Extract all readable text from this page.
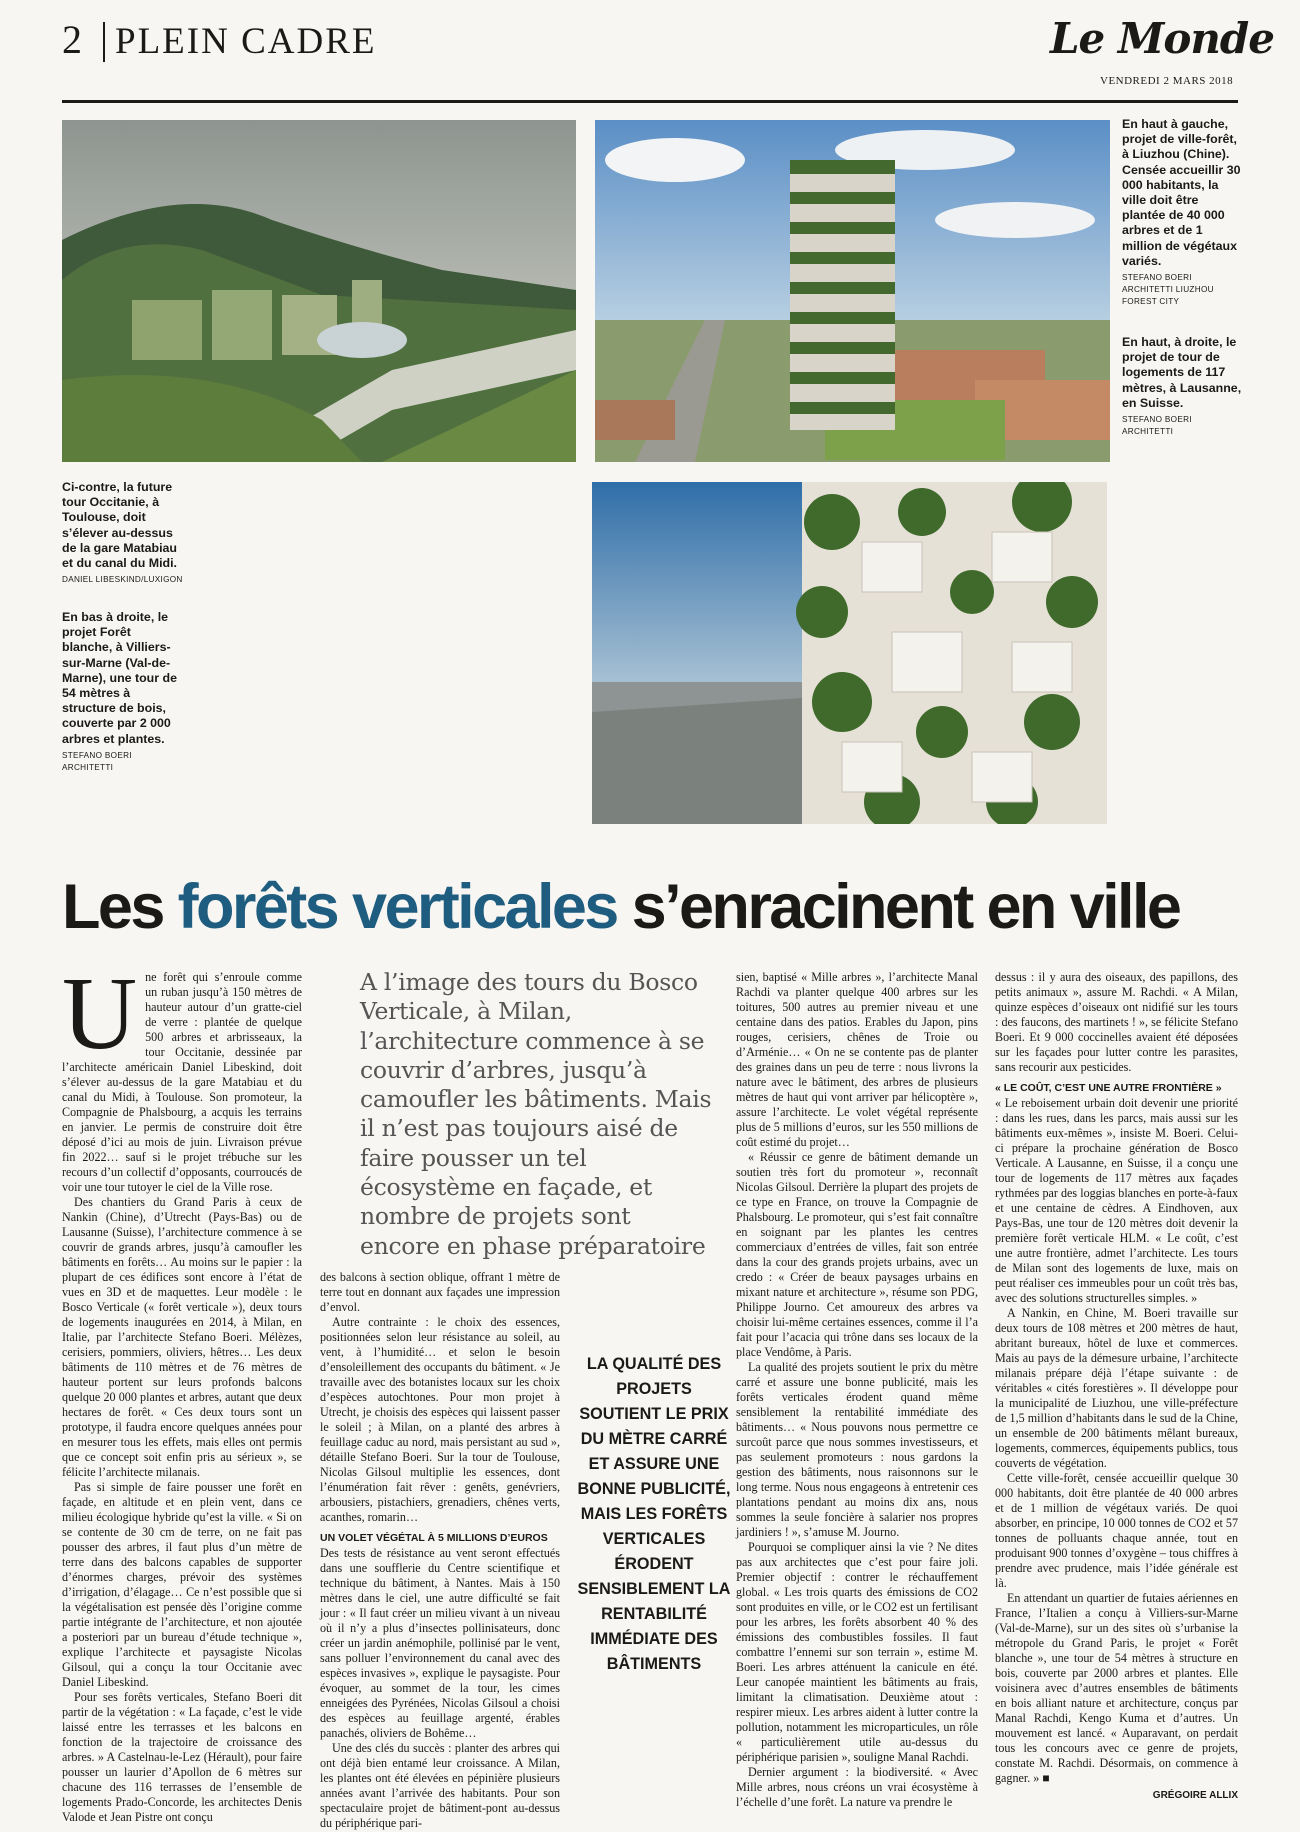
2 PLEIN CADRE	Le Monde
VENDREDI 2 MARS 2018
En haut à gauche, projet de ville-forêt, à Liuzhou (Chine). Censée accueillir 30 000 habitants, la ville doit être plantée de 40 000 arbres et de 1 million de végétaux variés.
STEFANO BOERI ARCHITETTI LIUZHOU FOREST CITY
En haut, à droite, le projet de tour de logements de 117 mètres, à Lausanne, en Suisse.
STEFANO BOERI ARCHITETTI
Ci-contre, la future tour Occitanie, à Toulouse, doit s’élever au-dessus de la gare Matabiau et du canal du Midi.
DANIEL LIBESKIND/LUXIGON
En bas à droite, le projet Forêt blanche, à Villiers-sur-Marne (Val-de-Marne), une tour de 54 mètres à structure de bois, couverte par 2 000 arbres et plantes.
STEFANO BOERI ARCHITETTI
Les forêts verticales s’enracinent en ville
A l’image des tours du Bosco Verticale, à Milan, l’architecture commence à se couvrir d’arbres, jusqu’à camoufler les bâtiments. Mais il n’est pas toujours aisé de faire pousser un tel écosystème en façade, et nombre de projets sont encore en phase préparatoire
LA QUALITÉ DES PROJETS SOUTIENT LE PRIX DU MÈTRE CARRÉ ET ASSURE UNE BONNE PUBLICITÉ, MAIS LES FORÊTS VERTICALES ÉRODENT SENSIBLEMENT LA RENTABILITÉ IMMÉDIATE DES BÂTIMENTS
U ne forêt qui s’enroule comme un ruban jusqu’à 150 mètres de hauteur autour d’un gratte-ciel de verre : plantée de quelque 500 arbres et arbrisseaux, la tour Occitanie, dessinée par l’architecte américain Daniel Libeskind, doit s’élever au-dessus de la gare Matabiau et du canal du Midi, à Toulouse. Son promoteur, la Compagnie de Phalsbourg, a acquis les terrains en janvier. Le permis de construire doit être déposé d’ici au mois de juin. Livraison prévue fin 2022… sauf si le projet trébuche sur les recours d’un collectif d’opposants, courroucés de voir une tour tutoyer le ciel de la Ville rose.

Des chantiers du Grand Paris à ceux de Nankin (Chine), d’Utrecht (Pays-Bas) ou de Lausanne (Suisse), l’architecture commence à se couvrir de grands arbres, jusqu’à camoufler les bâtiments en forêts… Au moins sur le papier : la plupart de ces édifices sont encore à l’état de vues en 3D et de maquettes. Leur modèle : le Bosco Verticale (« forêt verticale »), deux tours de logements inaugurées en 2014, à Milan, en Italie, par l’architecte Stefano Boeri. Mélèzes, cerisiers, pommiers, oliviers, hêtres… Les deux bâtiments de 110 mètres et de 76 mètres de hauteur portent sur leurs profonds balcons quelque 20 000 plantes et arbres, autant que deux hectares de forêt. « Ces deux tours sont un prototype, il faudra encore quelques années pour en mesurer tous les effets, mais elles ont permis que ce concept soit enfin pris au sérieux », se félicite l’architecte milanais.

Pas si simple de faire pousser une forêt en façade, en altitude et en plein vent, dans ce milieu écologique hybride qu’est la ville. « Si on se contente de 30 cm de terre, on ne fait pas pousser des arbres, il faut plus d’un mètre de terre dans des balcons capables de supporter d’énormes charges, prévoir des systèmes d’irrigation, d’élagage… Ce n’est possible que si la végétalisation est pensée dès l’origine comme partie intégrante de l’architecture, et non ajoutée a posteriori par un bureau d’étude technique », explique l’architecte et paysagiste Nicolas Gilsoul, qui a conçu la tour Occitanie avec Daniel Libeskind.

Pour ses forêts verticales, Stefano Boeri dit partir de la végétation : « La façade, c’est le vide laissé entre les terrasses et les balcons en fonction de la trajectoire de croissance des arbres. » A Castelnau-le-Lez (Hérault), pour faire pousser un laurier d’Apollon de 6 mètres sur chacune des 116 terrasses de l’ensemble de logements Prado-Concorde, les architectes Denis Valode et Jean Pistre ont conçu

des balcons à section oblique, offrant 1 mètre de terre tout en donnant aux façades une impression d’envol.

Autre contrainte : le choix des essences, positionnées selon leur résistance au soleil, au vent, à l’humidité… et selon le besoin d’ensoleillement des occupants du bâtiment. « Je travaille avec des botanistes locaux sur les choix d’espèces autochtones. Pour mon projet à Utrecht, je choisis des espèces qui laissent passer le soleil ; à Milan, on a planté des arbres à feuillage caduc au nord, mais persistant au sud », détaille Stefano Boeri. Sur la tour de Toulouse, Nicolas Gilsoul multiplie les essences, dont l’énumération fait rêver : genêts, genévriers, arbousiers, pistachiers, grenadiers, chênes verts, acanthes, romarin…

UN VOLET VÉGÉTAL À 5 MILLIONS D’EUROS

Des tests de résistance au vent seront effectués dans une soufflerie du Centre scientifique et technique du bâtiment, à Nantes. Mais à 150 mètres dans le ciel, une autre difficulté se fait jour : « Il faut créer un milieu vivant à un niveau où il n’y a plus d’insectes pollinisateurs, donc créer un jardin anémophile, pollinisé par le vent, sans polluer l’environnement du canal avec des espèces invasives », explique le paysagiste. Pour évoquer, au sommet de la tour, les cimes enneigées des Pyrénées, Nicolas Gilsoul a choisi des espèces au feuillage argenté, érables panachés, oliviers de Bohême…

Une des clés du succès : planter des arbres qui ont déjà bien entamé leur croissance. A Milan, les plantes ont été élevées en pépinière plusieurs années avant l’arrivée des habitants. Pour son spectaculaire projet de bâtiment-pont au-dessus du périphérique pari-

sien, baptisé « Mille arbres », l’architecte Manal Rachdi va planter quelque 400 arbres sur les toitures, 500 autres au premier niveau et une centaine dans des patios. Erables du Japon, pins rouges, cerisiers, chênes de Troie ou d’Arménie… « On ne se contente pas de planter des graines dans un peu de terre : nous livrons la nature avec le bâtiment, des arbres de plusieurs mètres de haut qui vont arriver par hélicoptère », assure l’architecte. Le volet végétal représente plus de 5 millions d’euros, sur les 550 millions de coût estimé du projet…

« Réussir ce genre de bâtiment demande un soutien très fort du promoteur », reconnaît Nicolas Gilsoul. Derrière la plupart des projets de ce type en France, on trouve la Compagnie de Phalsbourg. Le promoteur, qui s’est fait connaître en soignant par les plantes les centres commerciaux d’entrées de villes, fait son entrée dans la cour des grands projets urbains, avec un credo : « Créer de beaux paysages urbains en mixant nature et architecture », résume son PDG, Philippe Journo. Cet amoureux des arbres va choisir lui-même certaines essences, comme il l’a fait pour l’acacia qui trône dans ses locaux de la place Vendôme, à Paris.

La qualité des projets soutient le prix du mètre carré et assure une bonne publicité, mais les forêts verticales érodent quand même sensiblement la rentabilité immédiate des bâtiments… « Nous pouvons nous permettre ce surcoût parce que nous sommes investisseurs, et pas seulement promoteurs : nous gardons la gestion des bâtiments, nous raisonnons sur le long terme. Nous nous engageons à entretenir ces plantations pendant au moins dix ans, nous sommes la seule foncière à salarier nos propres jardiniers ! », s’amuse M. Journo.

Pourquoi se compliquer ainsi la vie ? Ne dites pas aux architectes que c’est pour faire joli. Premier objectif : contrer le réchauffement global. « Les trois quarts des émissions de CO2 sont produites en ville, or le CO2 est un fertilisant pour les arbres, les forêts absorbent 40 % des émissions des combustibles fossiles. Il faut combattre l’ennemi sur son terrain », estime M. Boeri. Les arbres atténuent la canicule en été. Leur canopée maintient les bâtiments au frais, limitant la climatisation. Deuxième atout : respirer mieux. Les arbres aident à lutter contre la pollution, notamment les microparticules, un rôle « particulièrement utile au-dessus du périphérique parisien », souligne Manal Rachdi.

Dernier argument : la biodiversité. « Avec Mille arbres, nous créons un vrai écosystème à l’échelle d’une forêt. La nature va prendre le

dessus : il y aura des oiseaux, des papillons, des petits animaux », assure M. Rachdi. « A Milan, quinze espèces d’oiseaux ont nidifié sur les tours : des faucons, des martinets ! », se félicite Stefano Boeri. Et 9 000 coccinelles avaient été déposées sur les façades pour lutter contre les parasites, sans recourir aux pesticides.

« LE COÛT, C’EST UNE AUTRE FRONTIÈRE »

« Le reboisement urbain doit devenir une priorité : dans les rues, dans les parcs, mais aussi sur les bâtiments eux-mêmes », insiste M. Boeri. Celui-ci prépare la prochaine génération de Bosco Verticale. A Lausanne, en Suisse, il a conçu une tour de logements de 117 mètres aux façades rythmées par des loggias blanches en porte-à-faux et une centaine de cèdres. A Eindhoven, aux Pays-Bas, une tour de 120 mètres doit devenir la première forêt verticale HLM. « Le coût, c’est une autre frontière, admet l’architecte. Les tours de Milan sont des logements de luxe, mais on peut réaliser ces immeubles pour un coût très bas, avec des solutions structurelles simples. »

A Nankin, en Chine, M. Boeri travaille sur deux tours de 108 mètres et 200 mètres de haut, abritant bureaux, hôtel de luxe et commerces. Mais au pays de la démesure urbaine, l’architecte milanais prépare déjà l’étape suivante : de véritables « cités forestières ». Il développe pour la municipalité de Liuzhou, une ville-préfecture de 1,5 million d’habitants dans le sud de la Chine, un ensemble de 200 bâtiments mêlant bureaux, logements, commerces, équipements publics, tous couverts de végétation.

Cette ville-forêt, censée accueillir quelque 30 000 habitants, doit être plantée de 40 000 arbres et de 1 million de végétaux variés. De quoi absorber, en principe, 10 000 tonnes de CO2 et 57 tonnes de polluants chaque année, tout en produisant 900 tonnes d’oxygène – tous chiffres à prendre avec prudence, mais l’idée générale est là.

En attendant un quartier de futaies aériennes en France, l’Italien a conçu à Villiers-sur-Marne (Val-de-Marne), sur un des sites où s’urbanise la métropole du Grand Paris, le projet « Forêt blanche », une tour de 54 mètres à structure en bois, couverte par 2000 arbres et plantes. Elle voisinera avec d’autres ensembles de bâtiments en bois alliant nature et architecture, conçus par Manal Rachdi, Kengo Kuma et d’autres. Un mouvement est lancé. « Auparavant, on perdait tous les concours avec ce genre de projets, constate M. Rachdi. Désormais, on commence à gagner. » ■

GRÉGOIRE ALLIX
